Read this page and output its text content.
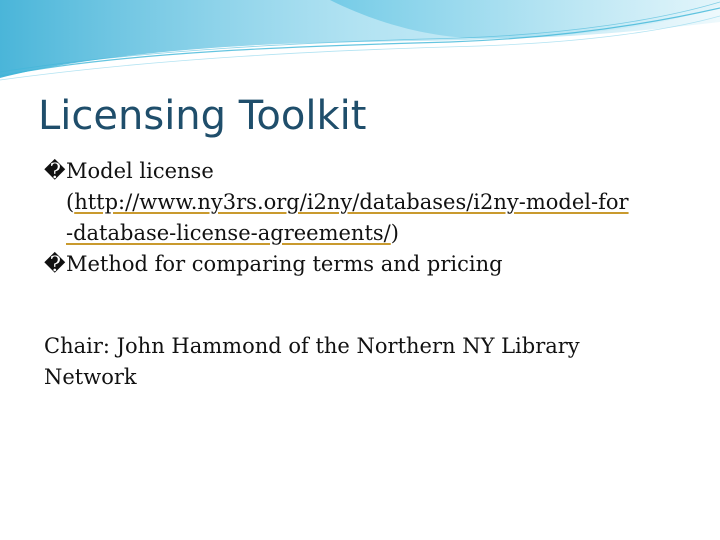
Licensing Toolkit
� Model license
(http://www.ny3rs.org/i2ny/databases/i2ny-model-for
-database-license-agreements/)
� Method for comparing terms and pricing
Chair: John Hammond of the Northern NY Library
Network
